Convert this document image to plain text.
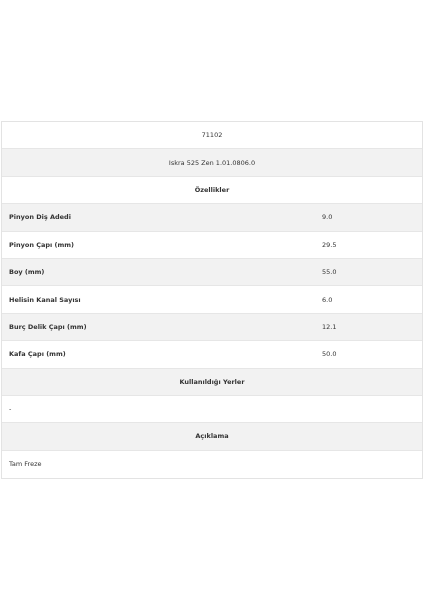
71102
Iskra 525 Zen 1.01.0806.0
Özellikler
Pinyon Diş Adedi	9.0
Pinyon Çapı (mm)	29.5
Boy (mm)	55.0
Helisin Kanal Sayısı	6.0
Burç Delik Çapı (mm)	12.1
Kafa Çapı (mm)	50.0
Kullanıldığı Yerler
-
Açıklama
Tam Freze
